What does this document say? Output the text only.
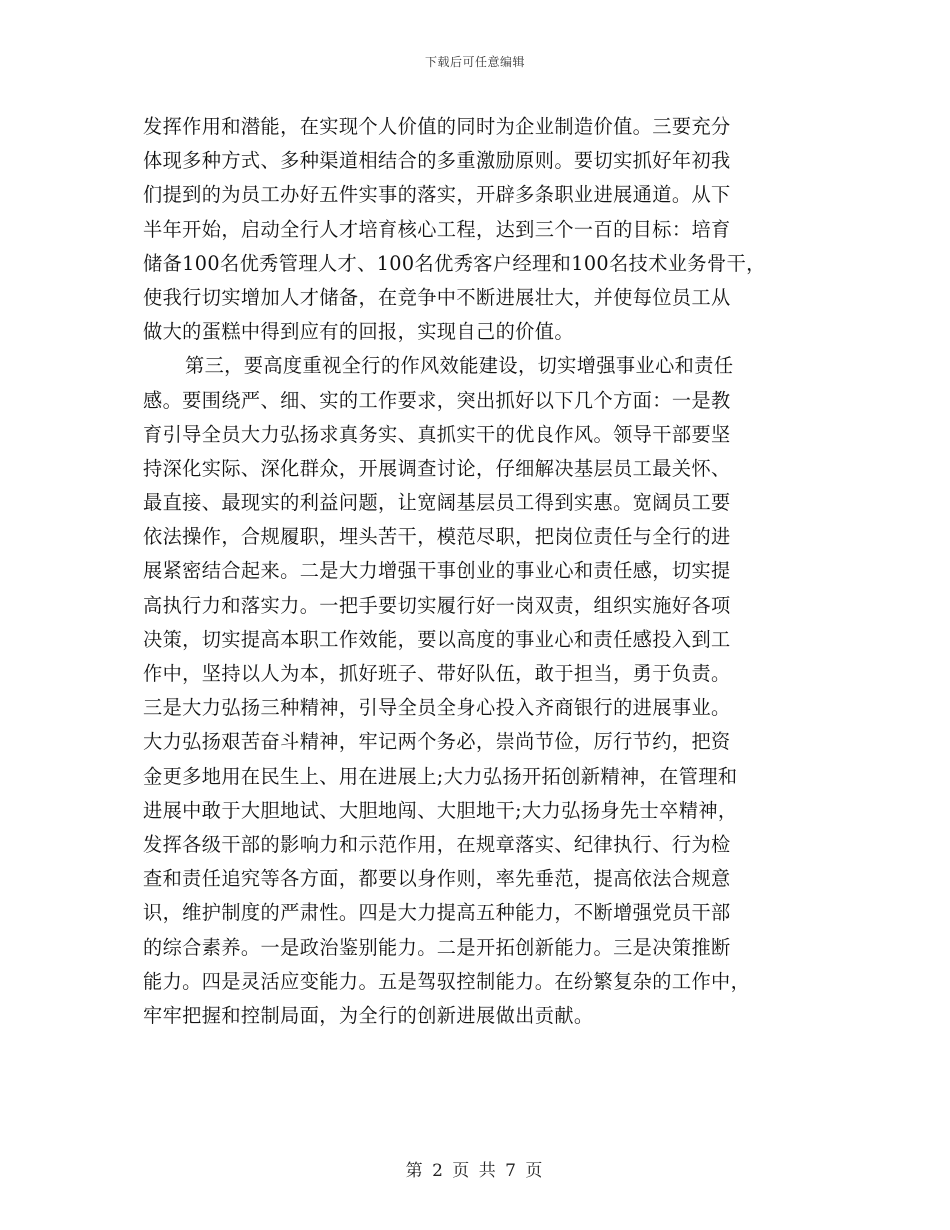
下载后可任意编辑
发挥作用和潜能，在实现个人价值的同时为企业制造价值。三要充分
体现多种方式、多种渠道相结合的多重激励原则。要切实抓好年初我
们提到的为员工办好五件实事的落实，开辟多条职业进展通道。从下
半年开始，启动全行人才培育核心工程，达到三个一百的目标：培育
储备100名优秀管理人才、100名优秀客户经理和100名技术业务骨干，
使我行切实增加人才储备，在竞争中不断进展壮大，并使每位员工从
做大的蛋糕中得到应有的回报，实现自己的价值。
第三，要高度重视全行的作风效能建设，切实增强事业心和责任
感。要围绕严、细、实的工作要求，突出抓好以下几个方面：一是教
育引导全员大力弘扬求真务实、真抓实干的优良作风。领导干部要坚
持深化实际、深化群众，开展调查讨论，仔细解决基层员工最关怀、
最直接、最现实的利益问题，让宽阔基层员工得到实惠。宽阔员工要
依法操作，合规履职，埋头苦干，模范尽职，把岗位责任与全行的进
展紧密结合起来。二是大力增强干事创业的事业心和责任感，切实提
高执行力和落实力。一把手要切实履行好一岗双责，组织实施好各项
决策，切实提高本职工作效能，要以高度的事业心和责任感投入到工
作中，坚持以人为本，抓好班子、带好队伍，敢于担当，勇于负责。
三是大力弘扬三种精神，引导全员全身心投入齐商银行的进展事业。
大力弘扬艰苦奋斗精神，牢记两个务必，崇尚节俭，厉行节约，把资
金更多地用在民生上、用在进展上;大力弘扬开拓创新精神，在管理和
进展中敢于大胆地试、大胆地闯、大胆地干;大力弘扬身先士卒精神，
发挥各级干部的影响力和示范作用，在规章落实、纪律执行、行为检
查和责任追究等各方面，都要以身作则，率先垂范，提高依法合规意
识，维护制度的严肃性。四是大力提高五种能力，不断增强党员干部
的综合素养。一是政治鉴别能力。二是开拓创新能力。三是决策推断
能力。四是灵活应变能力。五是驾驭控制能力。在纷繁复杂的工作中，
牢牢把握和控制局面，为全行的创新进展做出贡献。
第 2 页 共 7 页
